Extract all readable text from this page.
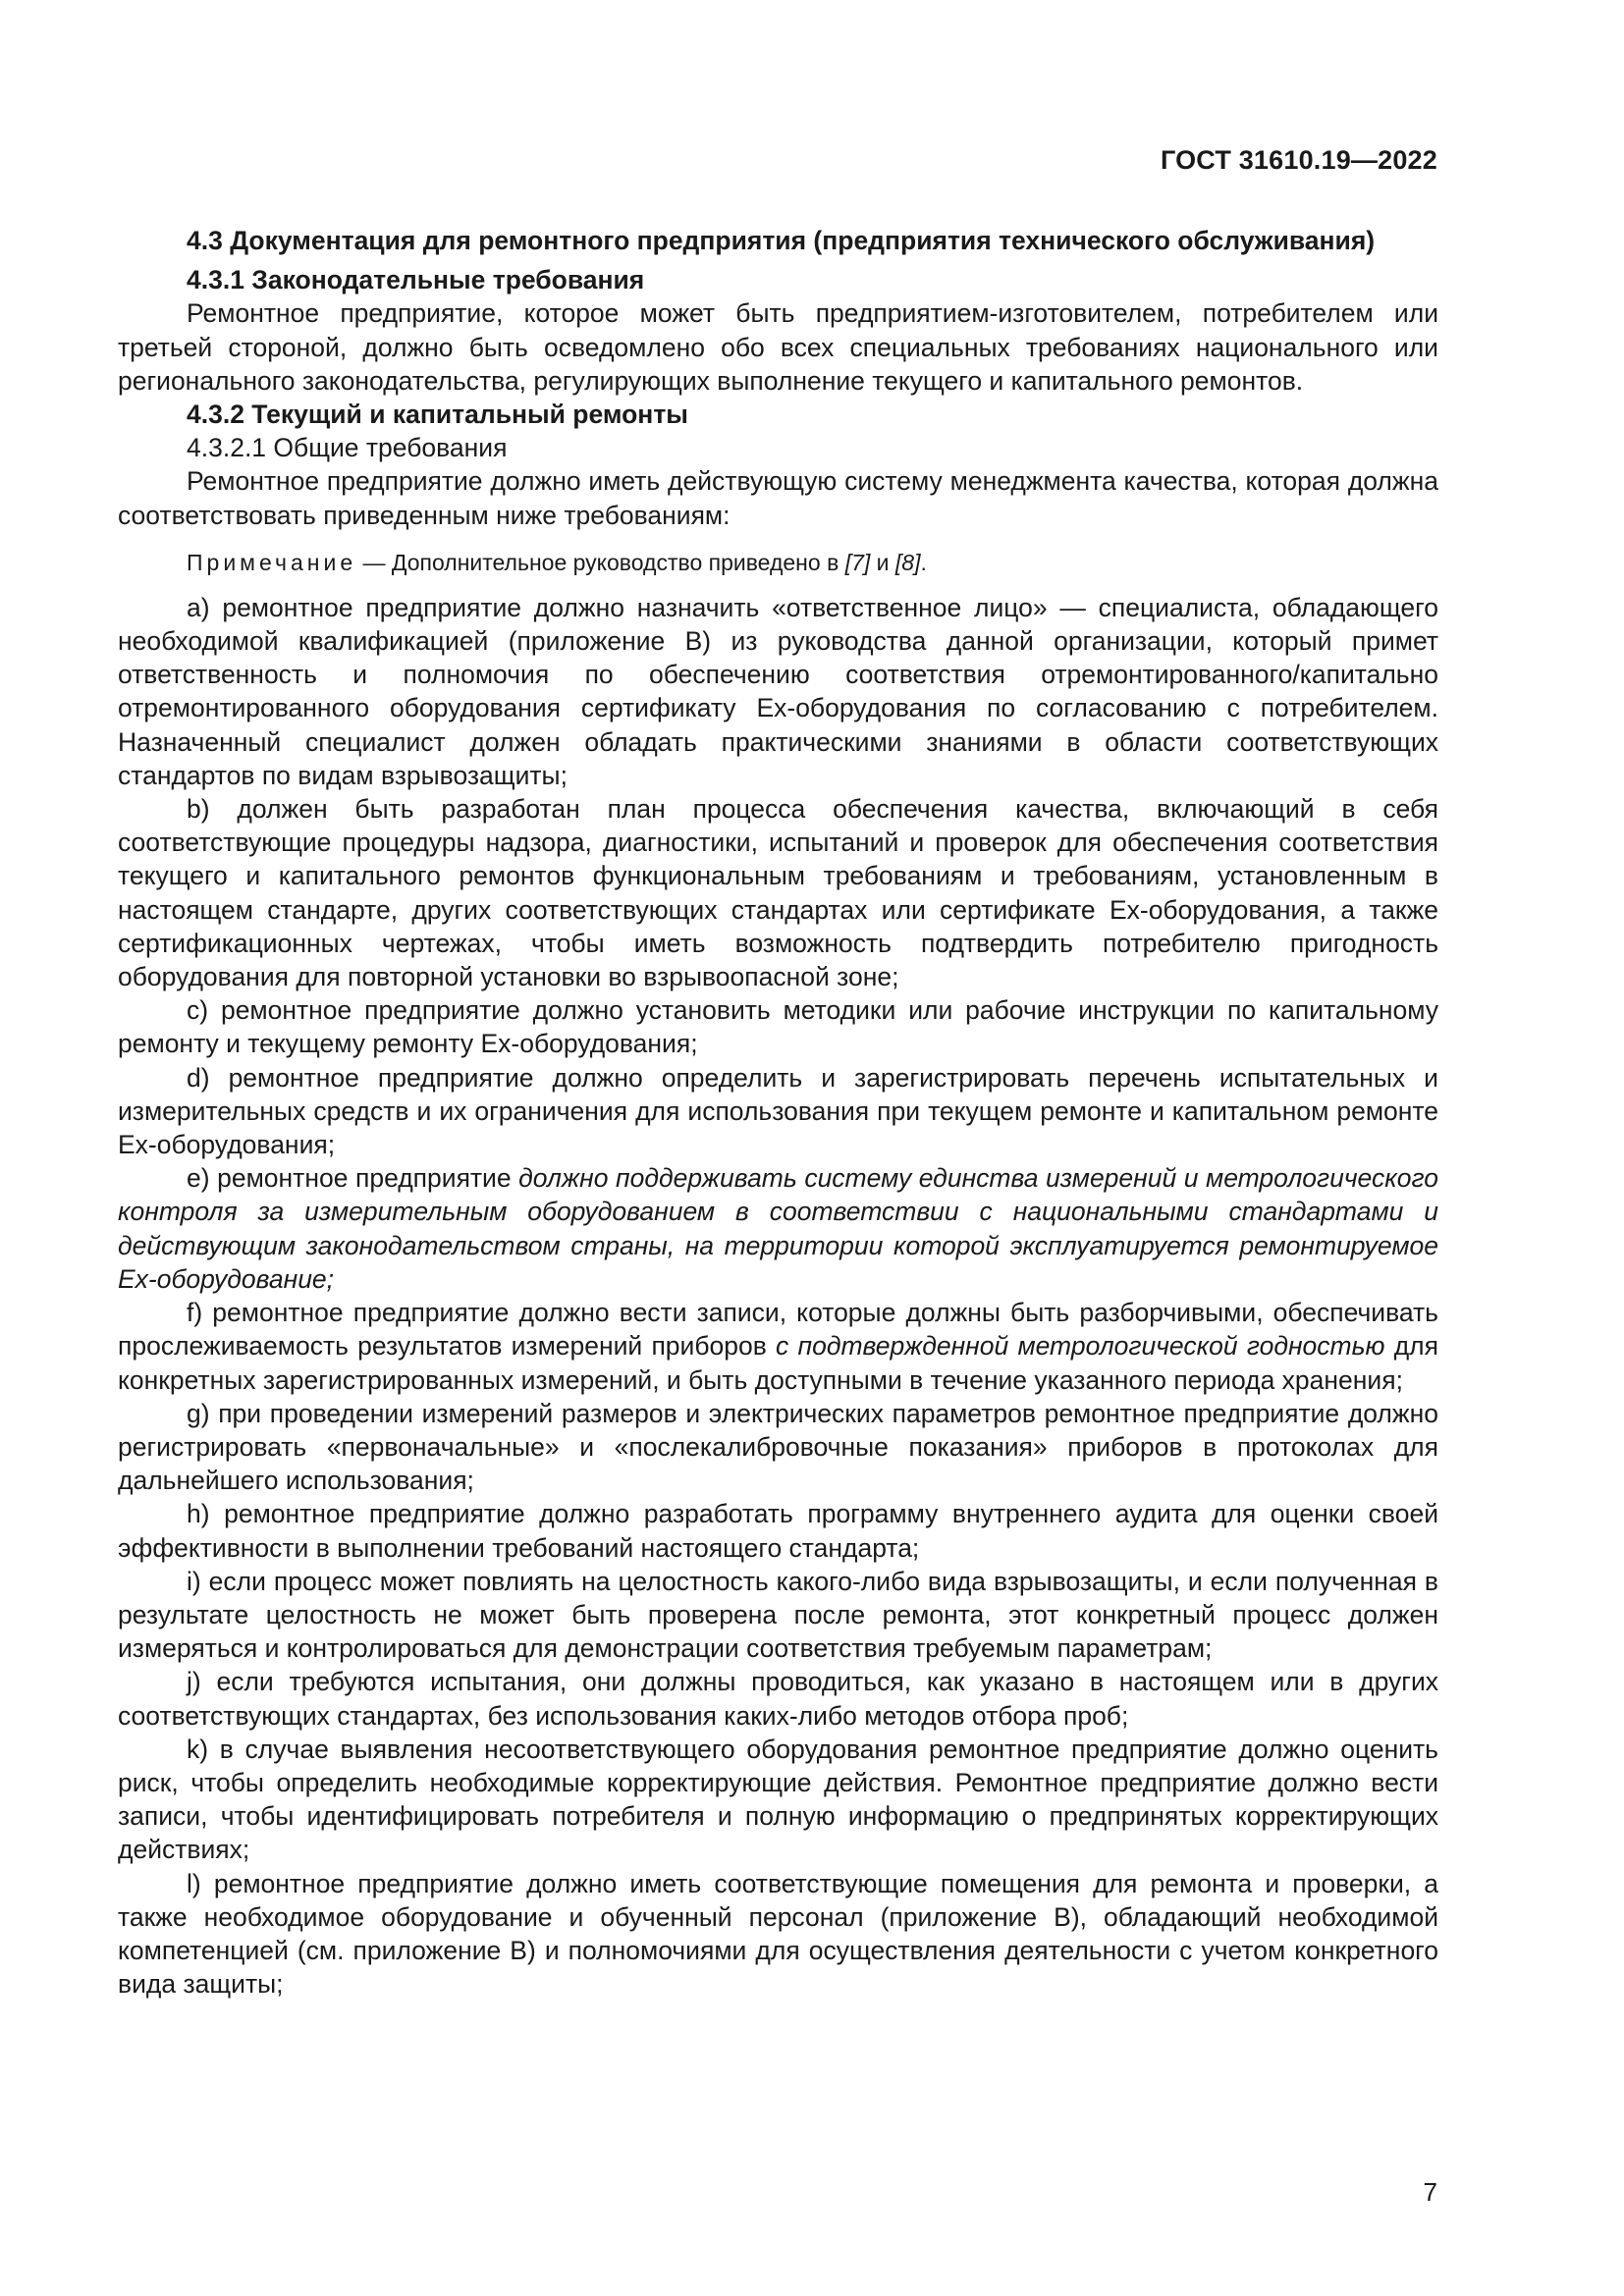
ГОСТ 31610.19—2022

4.3 Документация для ремонтного предприятия (предприятия технического обслуживания)

4.3.1 Законодательные требования

Ремонтное предприятие, которое может быть предприятием-изготовителем, потребителем или третьей стороной, должно быть осведомлено обо всех специальных требованиях национального или регионального законодательства, регулирующих выполнение текущего и капитального ремонтов.

4.3.2 Текущий и капитальный ремонты

4.3.2.1 Общие требования

Ремонтное предприятие должно иметь действующую систему менеджмента качества, которая должна соответствовать приведенным ниже требованиям:

Примечание — Дополнительное руководство приведено в [7] и [8].

a) ремонтное предприятие должно назначить «ответственное лицо» — специалиста, обладающего необходимой квалификацией (приложение В) из руководства данной организации, который примет ответственность и полномочия по обеспечению соответствия отремонтированного/капитально отремонтированного оборудования сертификату Ex-оборудования по согласованию с потребителем. Назначенный специалист должен обладать практическими знаниями в области соответствующих стандартов по видам взрывозащиты;

b) должен быть разработан план процесса обеспечения качества, включающий в себя соответствующие процедуры надзора, диагностики, испытаний и проверок для обеспечения соответствия текущего и капитального ремонтов функциональным требованиям и требованиям, установленным в настоящем стандарте, других соответствующих стандартах или сертификате Ex-оборудования, а также сертификационных чертежах, чтобы иметь возможность подтвердить потребителю пригодность оборудования для повторной установки во взрывоопасной зоне;

c) ремонтное предприятие должно установить методики или рабочие инструкции по капитальному ремонту и текущему ремонту Ex-оборудования;

d) ремонтное предприятие должно определить и зарегистрировать перечень испытательных и измерительных средств и их ограничения для использования при текущем ремонте и капитальном ремонте Ex-оборудования;

e) ремонтное предприятие должно поддерживать систему единства измерений и метрологического контроля за измерительным оборудованием в соответствии с национальными стандартами и действующим законодательством страны, на территории которой эксплуатируется ремонтируемое Ex-оборудование;

f) ремонтное предприятие должно вести записи, которые должны быть разборчивыми, обеспечивать прослеживаемость результатов измерений приборов с подтвержденной метрологической годностью для конкретных зарегистрированных измерений, и быть доступными в течение указанного периода хранения;

g) при проведении измерений размеров и электрических параметров ремонтное предприятие должно регистрировать «первоначальные» и «послекалибровочные показания» приборов в протоколах для дальнейшего использования;

h) ремонтное предприятие должно разработать программу внутреннего аудита для оценки своей эффективности в выполнении требований настоящего стандарта;

i) если процесс может повлиять на целостность какого-либо вида взрывозащиты, и если полученная в результате целостность не может быть проверена после ремонта, этот конкретный процесс должен измеряться и контролироваться для демонстрации соответствия требуемым параметрам;

j) если требуются испытания, они должны проводиться, как указано в настоящем или в других соответствующих стандартах, без использования каких-либо методов отбора проб;

k) в случае выявления несоответствующего оборудования ремонтное предприятие должно оценить риск, чтобы определить необходимые корректирующие действия. Ремонтное предприятие должно вести записи, чтобы идентифицировать потребителя и полную информацию о предпринятых корректирующих действиях;

l) ремонтное предприятие должно иметь соответствующие помещения для ремонта и проверки, а также необходимое оборудование и обученный персонал (приложение В), обладающий необходимой компетенцией (см. приложение В) и полномочиями для осуществления деятельности с учетом конкретного вида защиты;

7
